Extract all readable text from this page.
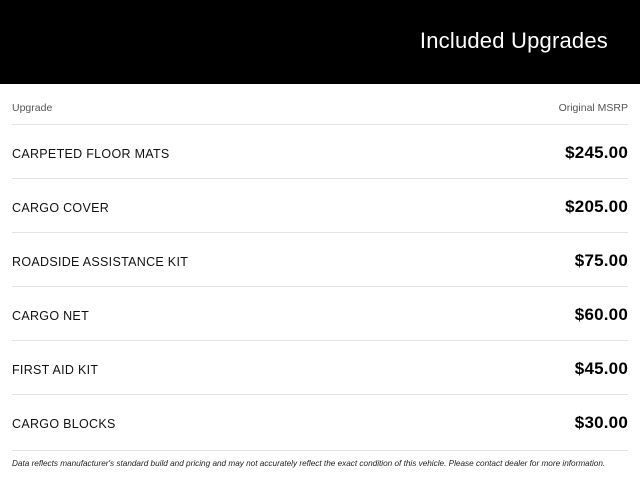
Included Upgrades
Upgrade	Original MSRP
CARPETED FLOOR MATS	$245.00
CARGO COVER	$205.00
ROADSIDE ASSISTANCE KIT	$75.00
CARGO NET	$60.00
FIRST AID KIT	$45.00
CARGO BLOCKS	$30.00
Data reflects manufacturer's standard build and pricing and may not accurately reflect the exact condition of this vehicle. Please contact dealer for more information.
